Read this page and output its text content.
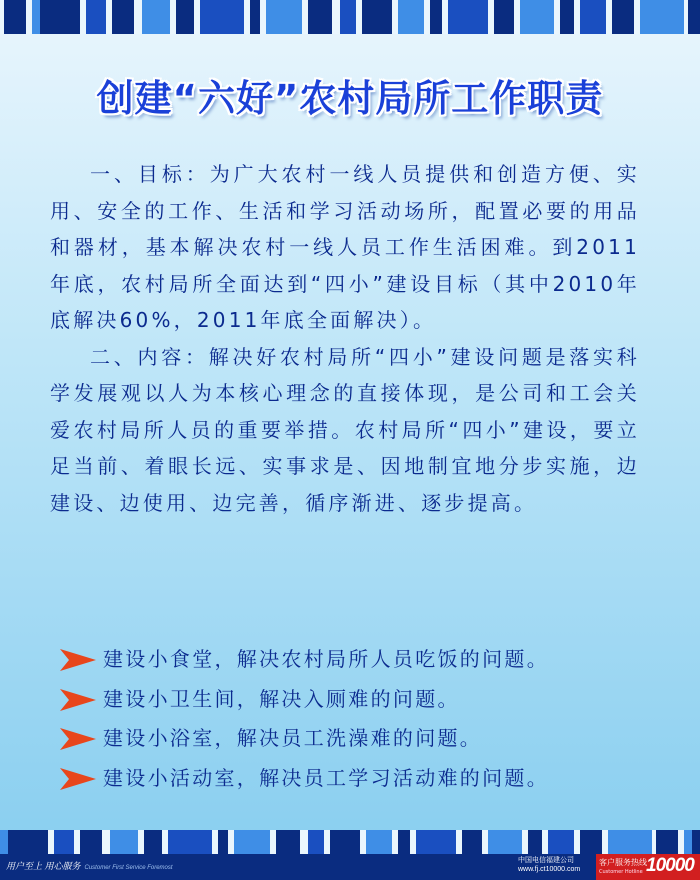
创建“六好”农村局所工作职责

一、目标：为广大农村一线人员提供和创造方便、实用、安全的工作、生活和学习活动场所，配置必要的用品和器材，基本解决农村一线人员工作生活困难。到2011年底，农村局所全面达到“四小”建设目标（其中2010年底解决60%，2011年底全面解决）。

二、内容：解决好农村局所“四小”建设问题是落实科学发展观以人为本核心理念的直接体现，是公司和工会关爱农村局所人员的重要举措。农村局所“四小”建设，要立足当前、着眼长远、实事求是、因地制宜地分步实施，边建设、边使用、边完善，循序渐进、逐步提高。

建设小食堂，解决农村局所人员吃饭的问题。
建设小卫生间，解决入厕难的问题。
建设小浴室，解决员工洗澡难的问题。
建设小活动室，解决员工学习活动难的问题。
用户至上 用心服务 Customer First Service Foremost
中国电信福建公司
www.fj.ct10000.com
客户服务热线
Customer Hotline 10000
